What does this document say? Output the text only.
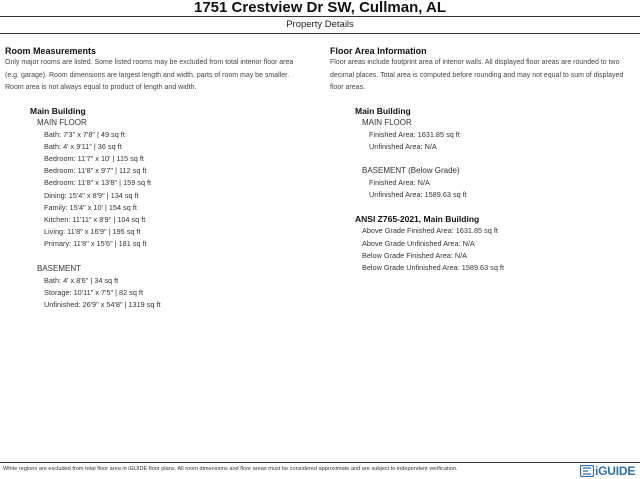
1751 Crestview Dr SW, Cullman, AL
Property Details

Room Measurements

Only major rooms are listed. Some listed rooms may be excluded from total interior floor area

(e.g. garage). Room dimensions are largest length and width, parts of room may be smaller.

Room area is not always equal to product of length and width.

Main Building
MAIN FLOOR
Bath: 7'3" x 7'8" | 49 sq ft
Bath: 4' x 9'11" | 36 sq ft
Bedroom: 11'7" x 10' | 115 sq ft
Bedroom: 11'8" x 9'7" | 112 sq ft
Bedroom: 11'8" x 13'8" | 159 sq ft
Dining: 15'4" x 8'9" | 134 sq ft
Family: 15'4" x 10' | 154 sq ft
Kitchen: 11'11" x 8'9" | 104 sq ft
Living: 11'8" x 16'9" | 195 sq ft
Primary: 11'8" x 15'6" | 181 sq ft
BASEMENT
Bath: 4' x 8'6" | 34 sq ft
Storage: 10'11" x 7'5" | 82 sq ft
Unfinished: 26'9" x 54'8" | 1319 sq ft

Floor Area Information

Floor areas include footprint area of interior walls. All displayed floor areas are rounded to two

decimal places. Total area is computed before rounding and may not equal to sum of displayed

floor areas.

Main Building
MAIN FLOOR
Finished Area: 1631.85 sq ft
Unfinished Area: N/A
BASEMENT (Below Grade)
Finished Area: N/A
Unfinished Area: 1589.63 sq ft
ANSI Z765-2021, Main Building
Above Grade Finished Area: 1631.85 sq ft
Above Grade Unfinished Area: N/A
Below Grade Finished Area: N/A
Below Grade Unfinished Area: 1589.63 sq ft
White regions are excluded from total floor area in iGUIDE floor plans. All room dimensions and floor areas must be considered approximate and are subject to independent verification.	iGUIDE
